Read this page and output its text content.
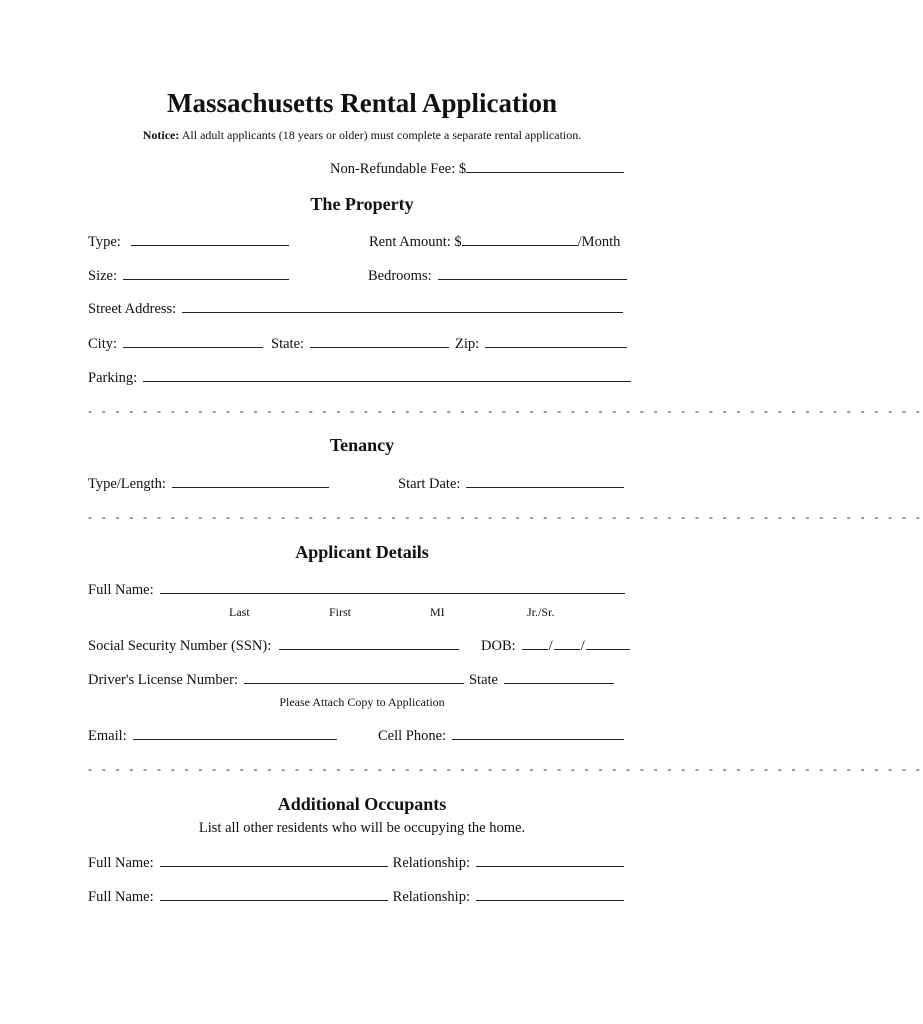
Massachusetts Rental Application
Notice: All adult applicants (18 years or older) must complete a separate rental application.
Non-Refundable Fee: $
The Property
Type:	Rent Amount: $	/Month
Size:	Bedrooms:
Street Address:
City:	State:	Zip:
Parking:
- - - - - - - - - - - - - - - - - - - - - - - - - - - - - - - - - - - - - - - - - - - - - - - - - - - - - - - - - - - - -
Tenancy
Type/Length:	Start Date:
- - - - - - - - - - - - - - - - - - - - - - - - - - - - - - - - - - - - - - - - - - - - - - - - - - - - - - - - - - - - -
Applicant Details
Full Name:
Last	First	MI	Jr./Sr.
Social Security Number (SSN):	DOB: / /
Driver's License Number:	State
Please Attach Copy to Application
Email:	Cell Phone:
- - - - - - - - - - - - - - - - - - - - - - - - - - - - - - - - - - - - - - - - - - - - - - - - - - - - - - - - - - - - -
Additional Occupants
List all other residents who will be occupying the home.
Full Name:	Relationship:
Full Name:	Relationship:
